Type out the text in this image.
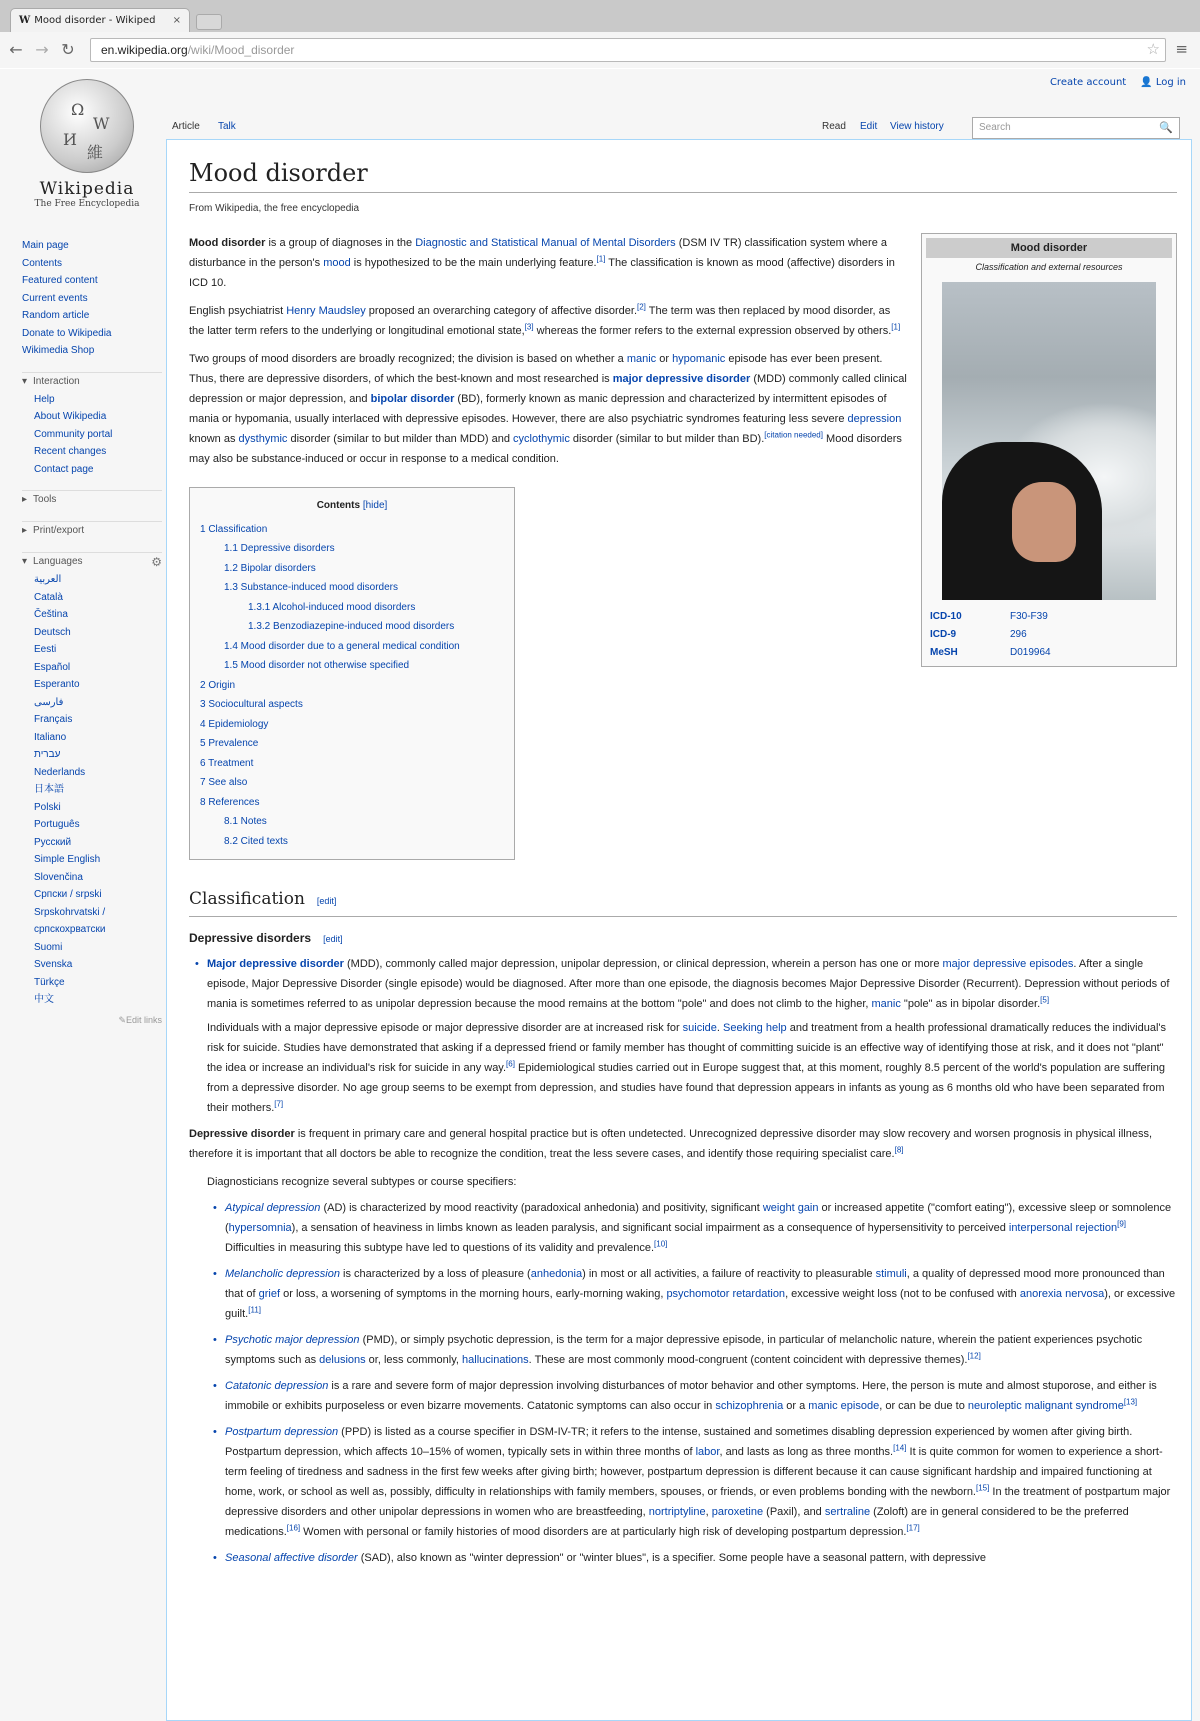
W Mood disorder - Wikiped ×
← → ↻	en.wikipedia.org/wiki/Mood_disorder	☆ ≡
Create account 👤 Log in
Ω
W
И
維
Wikipedia
The Free Encyclopedia
Main page
Contents
Featured content
Current events
Random article
Donate to Wikipedia
Wikimedia Shop
▾ Interaction
Help
About Wikipedia
Community portal
Recent changes
Contact page
▸ Tools
▸ Print/export
▾ Languages	⚙
العربية
Català
Čeština
Deutsch
Eesti
Español
Esperanto
فارسی
Français
Italiano
עברית
Nederlands
日本語
Polski
Português
Русский
Simple English
Slovenčina
Српски / srpski
Srpskohrvatski / српскохрватски
Suomi
Svenska
Türkçe
中文
✎Edit links
Article Talk	Read Edit View history	Search	🔍
Mood disorder
From Wikipedia, the free encyclopedia
Mood disorder
Classification and external resources
ICD-10	F30-F39
ICD-9	296
MeSH	D019964

Mood disorder is a group of diagnoses in the Diagnostic and Statistical Manual of Mental Disorders (DSM IV TR) classification system where a disturbance in the person's mood is hypothesized to be the main underlying feature.[1] The classification is known as mood (affective) disorders in ICD 10.

English psychiatrist Henry Maudsley proposed an overarching category of affective disorder.[2] The term was then replaced by mood disorder, as the latter term refers to the underlying or longitudinal emotional state,[3] whereas the former refers to the external expression observed by others.[1]

Two groups of mood disorders are broadly recognized; the division is based on whether a manic or hypomanic episode has ever been present. Thus, there are depressive disorders, of which the best-known and most researched is major depressive disorder (MDD) commonly called clinical depression or major depression, and bipolar disorder (BD), formerly known as manic depression and characterized by intermittent episodes of mania or hypomania, usually interlaced with depressive episodes. However, there are also psychiatric syndromes featuring less severe depression known as dysthymic disorder (similar to but milder than MDD) and cyclothymic disorder (similar to but milder than BD).[citation needed] Mood disorders may also be substance-induced or occur in response to a medical condition.

Contents [hide]
1 Classification
1.1 Depressive disorders
1.2 Bipolar disorders
1.3 Substance-induced mood disorders
1.3.1 Alcohol-induced mood disorders
1.3.2 Benzodiazepine-induced mood disorders
1.4 Mood disorder due to a general medical condition
1.5 Mood disorder not otherwise specified
2 Origin
3 Sociocultural aspects
4 Epidemiology
5 Prevalence
6 Treatment
7 See also
8 References
8.1 Notes
8.2 Cited texts
Classification [edit]
Depressive disorders [edit]
• Major depressive disorder (MDD), commonly called major depression, unipolar depression, or clinical depression, wherein a person has one or more major depressive episodes. After a single episode, Major Depressive Disorder (single episode) would be diagnosed. After more than one episode, the diagnosis becomes Major Depressive Disorder (Recurrent). Depression without periods of mania is sometimes referred to as unipolar depression because the mood remains at the bottom "pole" and does not climb to the higher, manic "pole" as in bipolar disorder.[5]
Individuals with a major depressive episode or major depressive disorder are at increased risk for suicide. Seeking help and treatment from a health professional dramatically reduces the individual's risk for suicide. Studies have demonstrated that asking if a depressed friend or family member has thought of committing suicide is an effective way of identifying those at risk, and it does not "plant" the idea or increase an individual's risk for suicide in any way.[6] Epidemiological studies carried out in Europe suggest that, at this moment, roughly 8.5 percent of the world's population are suffering from a depressive disorder. No age group seems to be exempt from depression, and studies have found that depression appears in infants as young as 6 months old who have been separated from their mothers.[7]

Depressive disorder is frequent in primary care and general hospital practice but is often undetected. Unrecognized depressive disorder may slow recovery and worsen prognosis in physical illness, therefore it is important that all doctors be able to recognize the condition, treat the less severe cases, and identify those requiring specialist care.[8]

Diagnosticians recognize several subtypes or course specifiers:
• Atypical depression (AD) is characterized by mood reactivity (paradoxical anhedonia) and positivity, significant weight gain or increased appetite ("comfort eating"), excessive sleep or somnolence (hypersomnia), a sensation of heaviness in limbs known as leaden paralysis, and significant social impairment as a consequence of hypersensitivity to perceived interpersonal rejection[9] Difficulties in measuring this subtype have led to questions of its validity and prevalence.[10]
• Melancholic depression is characterized by a loss of pleasure (anhedonia) in most or all activities, a failure of reactivity to pleasurable stimuli, a quality of depressed mood more pronounced than that of grief or loss, a worsening of symptoms in the morning hours, early-morning waking, psychomotor retardation, excessive weight loss (not to be confused with anorexia nervosa), or excessive guilt.[11]
• Psychotic major depression (PMD), or simply psychotic depression, is the term for a major depressive episode, in particular of melancholic nature, wherein the patient experiences psychotic symptoms such as delusions or, less commonly, hallucinations. These are most commonly mood-congruent (content coincident with depressive themes).[12]
• Catatonic depression is a rare and severe form of major depression involving disturbances of motor behavior and other symptoms. Here, the person is mute and almost stuporose, and either is immobile or exhibits purposeless or even bizarre movements. Catatonic symptoms can also occur in schizophrenia or a manic episode, or can be due to neuroleptic malignant syndrome[13]
• Postpartum depression (PPD) is listed as a course specifier in DSM-IV-TR; it refers to the intense, sustained and sometimes disabling depression experienced by women after giving birth. Postpartum depression, which affects 10–15% of women, typically sets in within three months of labor, and lasts as long as three months.[14] It is quite common for women to experience a short-term feeling of tiredness and sadness in the first few weeks after giving birth; however, postpartum depression is different because it can cause significant hardship and impaired functioning at home, work, or school as well as, possibly, difficulty in relationships with family members, spouses, or friends, or even problems bonding with the newborn.[15] In the treatment of postpartum major depressive disorders and other unipolar depressions in women who are breastfeeding, nortriptyline, paroxetine (Paxil), and sertraline (Zoloft) are in general considered to be the preferred medications.[16] Women with personal or family histories of mood disorders are at particularly high risk of developing postpartum depression.[17]
• Seasonal affective disorder (SAD), also known as "winter depression" or "winter blues", is a specifier. Some people have a seasonal pattern, with depressive
